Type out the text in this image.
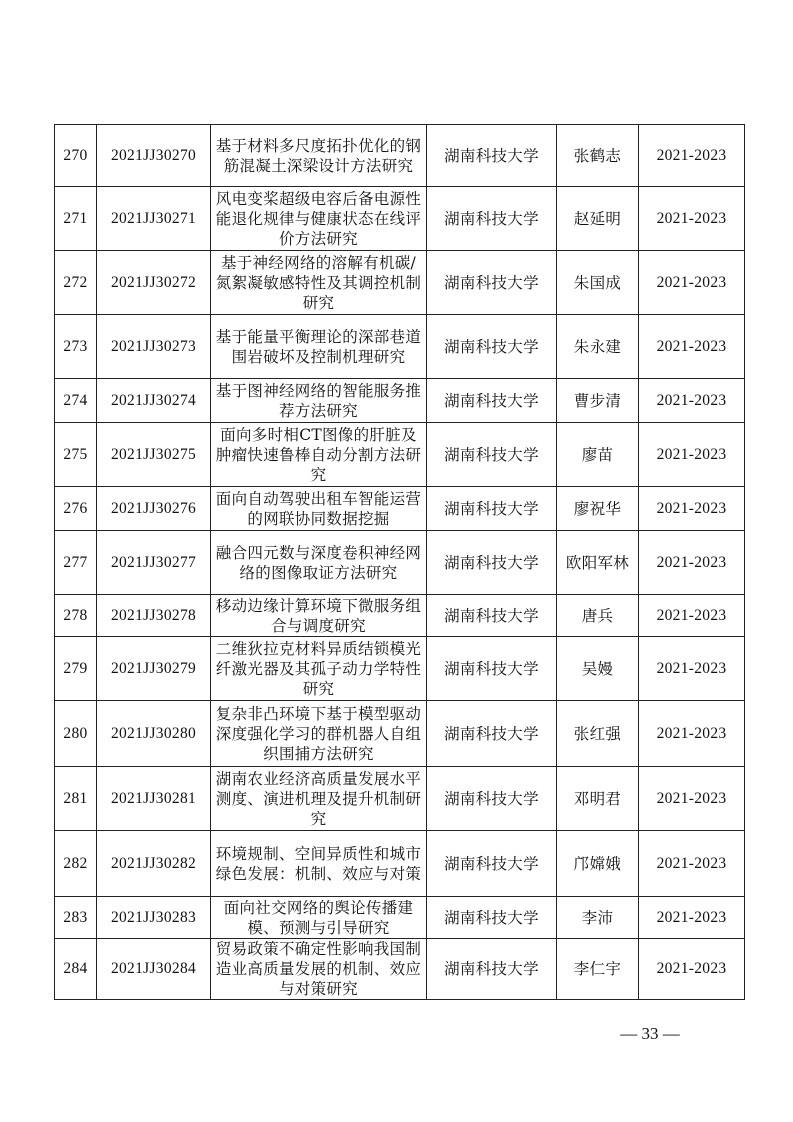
270	2021JJ30270	基于材料多尺度拓扑优化的钢筋混凝土深梁设计方法研究	湖南科技大学	张鹤志	2021-2023
271	2021JJ30271	风电变桨超级电容后备电源性能退化规律与健康状态在线评价方法研究	湖南科技大学	赵延明	2021-2023
272	2021JJ30272	基于神经网络的溶解有机碳/氮絮凝敏感特性及其调控机制研究	湖南科技大学	朱国成	2021-2023
273	2021JJ30273	基于能量平衡理论的深部巷道围岩破坏及控制机理研究	湖南科技大学	朱永建	2021-2023
274	2021JJ30274	基于图神经网络的智能服务推荐方法研究	湖南科技大学	曹步清	2021-2023
275	2021JJ30275	面向多时相CT图像的肝脏及肿瘤快速鲁棒自动分割方法研究	湖南科技大学	廖苗	2021-2023
276	2021JJ30276	面向自动驾驶出租车智能运营的网联协同数据挖掘	湖南科技大学	廖祝华	2021-2023
277	2021JJ30277	融合四元数与深度卷积神经网络的图像取证方法研究	湖南科技大学	欧阳军林	2021-2023
278	2021JJ30278	移动边缘计算环境下微服务组合与调度研究	湖南科技大学	唐兵	2021-2023
279	2021JJ30279	二维狄拉克材料异质结锁模光纤激光器及其孤子动力学特性研究	湖南科技大学	吴嫚	2021-2023
280	2021JJ30280	复杂非凸环境下基于模型驱动深度强化学习的群机器人自组织围捕方法研究	湖南科技大学	张红强	2021-2023
281	2021JJ30281	湖南农业经济高质量发展水平测度、演进机理及提升机制研究	湖南科技大学	邓明君	2021-2023
282	2021JJ30282	环境规制、空间异质性和城市绿色发展：机制、效应与对策	湖南科技大学	邝嫦娥	2021-2023
283	2021JJ30283	面向社交网络的舆论传播建模、预测与引导研究	湖南科技大学	李沛	2021-2023
284	2021JJ30284	贸易政策不确定性影响我国制造业高质量发展的机制、效应与对策研究	湖南科技大学	李仁宇	2021-2023
— 33 —
